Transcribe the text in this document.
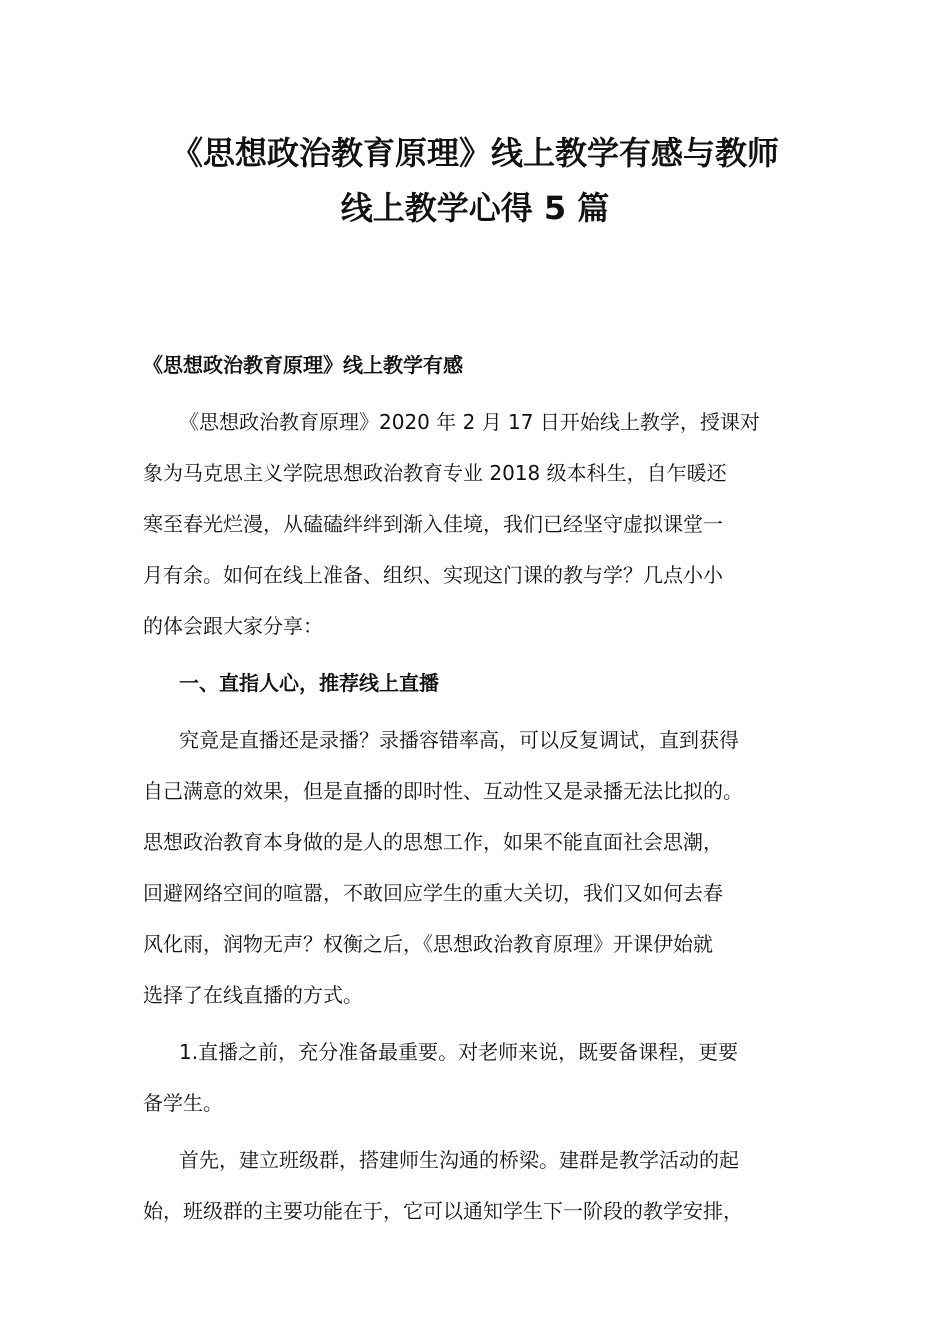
《思想政治教育原理》线上教学有感与教师
线上教学心得 5 篇

《思想政治教育原理》线上教学有感

《思想政治教育原理》2020 年 2 月 17 日开始线上教学，授课对
象为马克思主义学院思想政治教育专业 2018 级本科生，自乍暖还
寒至春光烂漫，从磕磕绊绊到渐入佳境，我们已经坚守虚拟课堂一
月有余。如何在线上准备、组织、实现这门课的教与学？几点小小
的体会跟大家分享：

一、直指人心，推荐线上直播

究竟是直播还是录播？录播容错率高，可以反复调试，直到获得
自己满意的效果，但是直播的即时性、互动性又是录播无法比拟的。
思想政治教育本身做的是人的思想工作，如果不能直面社会思潮，
回避网络空间的喧嚣，不敢回应学生的重大关切，我们又如何去春
风化雨，润物无声？权衡之后，《思想政治教育原理》开课伊始就
选择了在线直播的方式。

1.直播之前，充分准备最重要。对老师来说，既要备课程，更要
备学生。

首先，建立班级群，搭建师生沟通的桥梁。建群是教学活动的起
始，班级群的主要功能在于，它可以通知学生下一阶段的教学安排，
